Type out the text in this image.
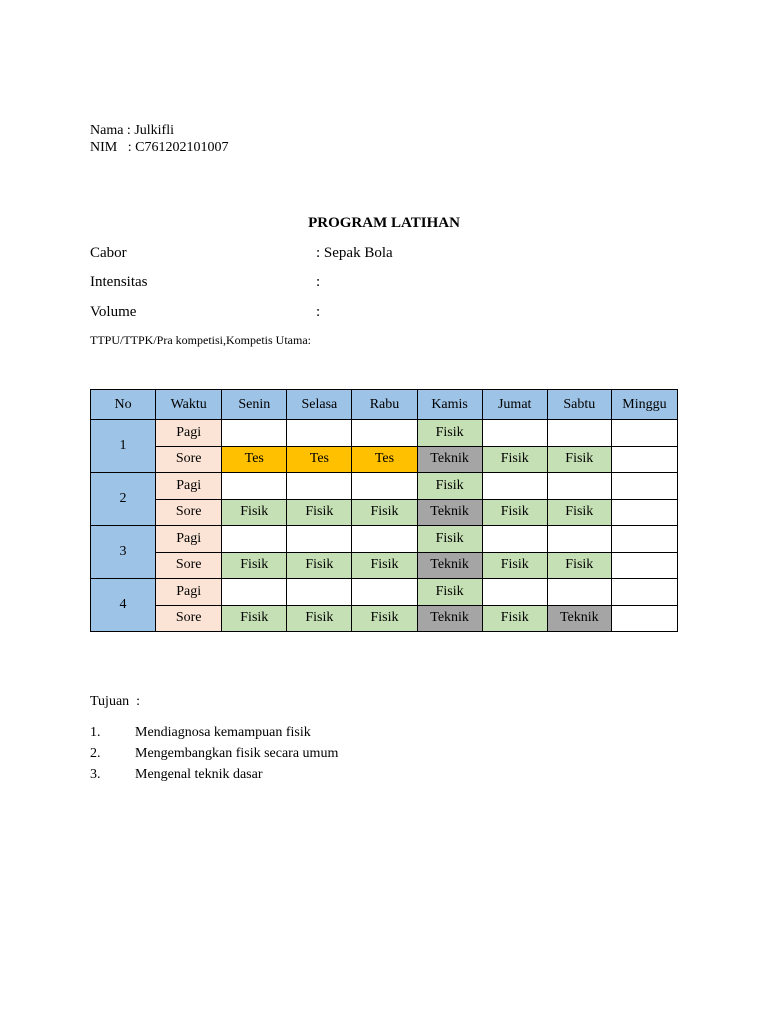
Nama : Julkifli
NIM   : C761202101007
PROGRAM LATIHAN
Cabor	: Sepak Bola
Intensitas	:
Volume	:
TTPU/TTPK/Pra kompetisi,Kompetis Utama:
No	Waktu	Senin	Selasa	Rabu	Kamis	Jumat	Sabtu	Minggu
1	Pagi				Fisik			
	Sore	Tes	Tes	Tes	Teknik	Fisik	Fisik	
2	Pagi				Fisik			
	Sore	Fisik	Fisik	Fisik	Teknik	Fisik	Fisik	
3	Pagi				Fisik			
	Sore	Fisik	Fisik	Fisik	Teknik	Fisik	Fisik	
4	Pagi				Fisik			
	Sore	Fisik	Fisik	Fisik	Teknik	Fisik	Teknik	
Tujuan  :
1. Mendiagnosa kemampuan fisik
2. Mengembangkan fisik secara umum
3. Mengenal teknik dasar
